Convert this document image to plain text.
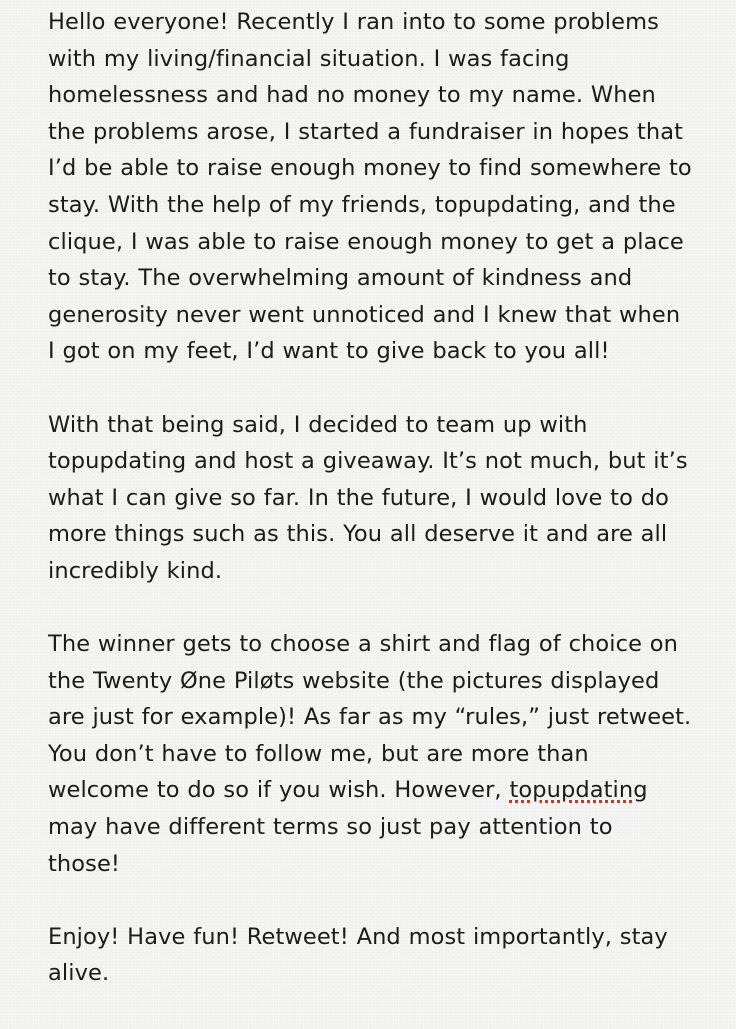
Hello everyone! Recently I ran into to some problems
with my living/financial situation. I was facing
homelessness and had no money to my name. When
the problems arose, I started a fundraiser in hopes that
I’d be able to raise enough money to find somewhere to
stay. With the help of my friends, topupdating, and the
clique, I was able to raise enough money to get a place
to stay. The overwhelming amount of kindness and
generosity never went unnoticed and I knew that when
I got on my feet, I’d want to give back to you all!

With that being said, I decided to team up with
topupdating and host a giveaway. It’s not much, but it’s
what I can give so far. In the future, I would love to do
more things such as this. You all deserve it and are all
incredibly kind.

The winner gets to choose a shirt and flag of choice on
the Twenty Øne Piløts website (the pictures displayed
are just for example)! As far as my “rules,” just retweet.
You don’t have to follow me, but are more than
welcome to do so if you wish. However, topupdating
may have different terms so just pay attention to
those!

Enjoy! Have fun! Retweet! And most importantly, stay
alive.
